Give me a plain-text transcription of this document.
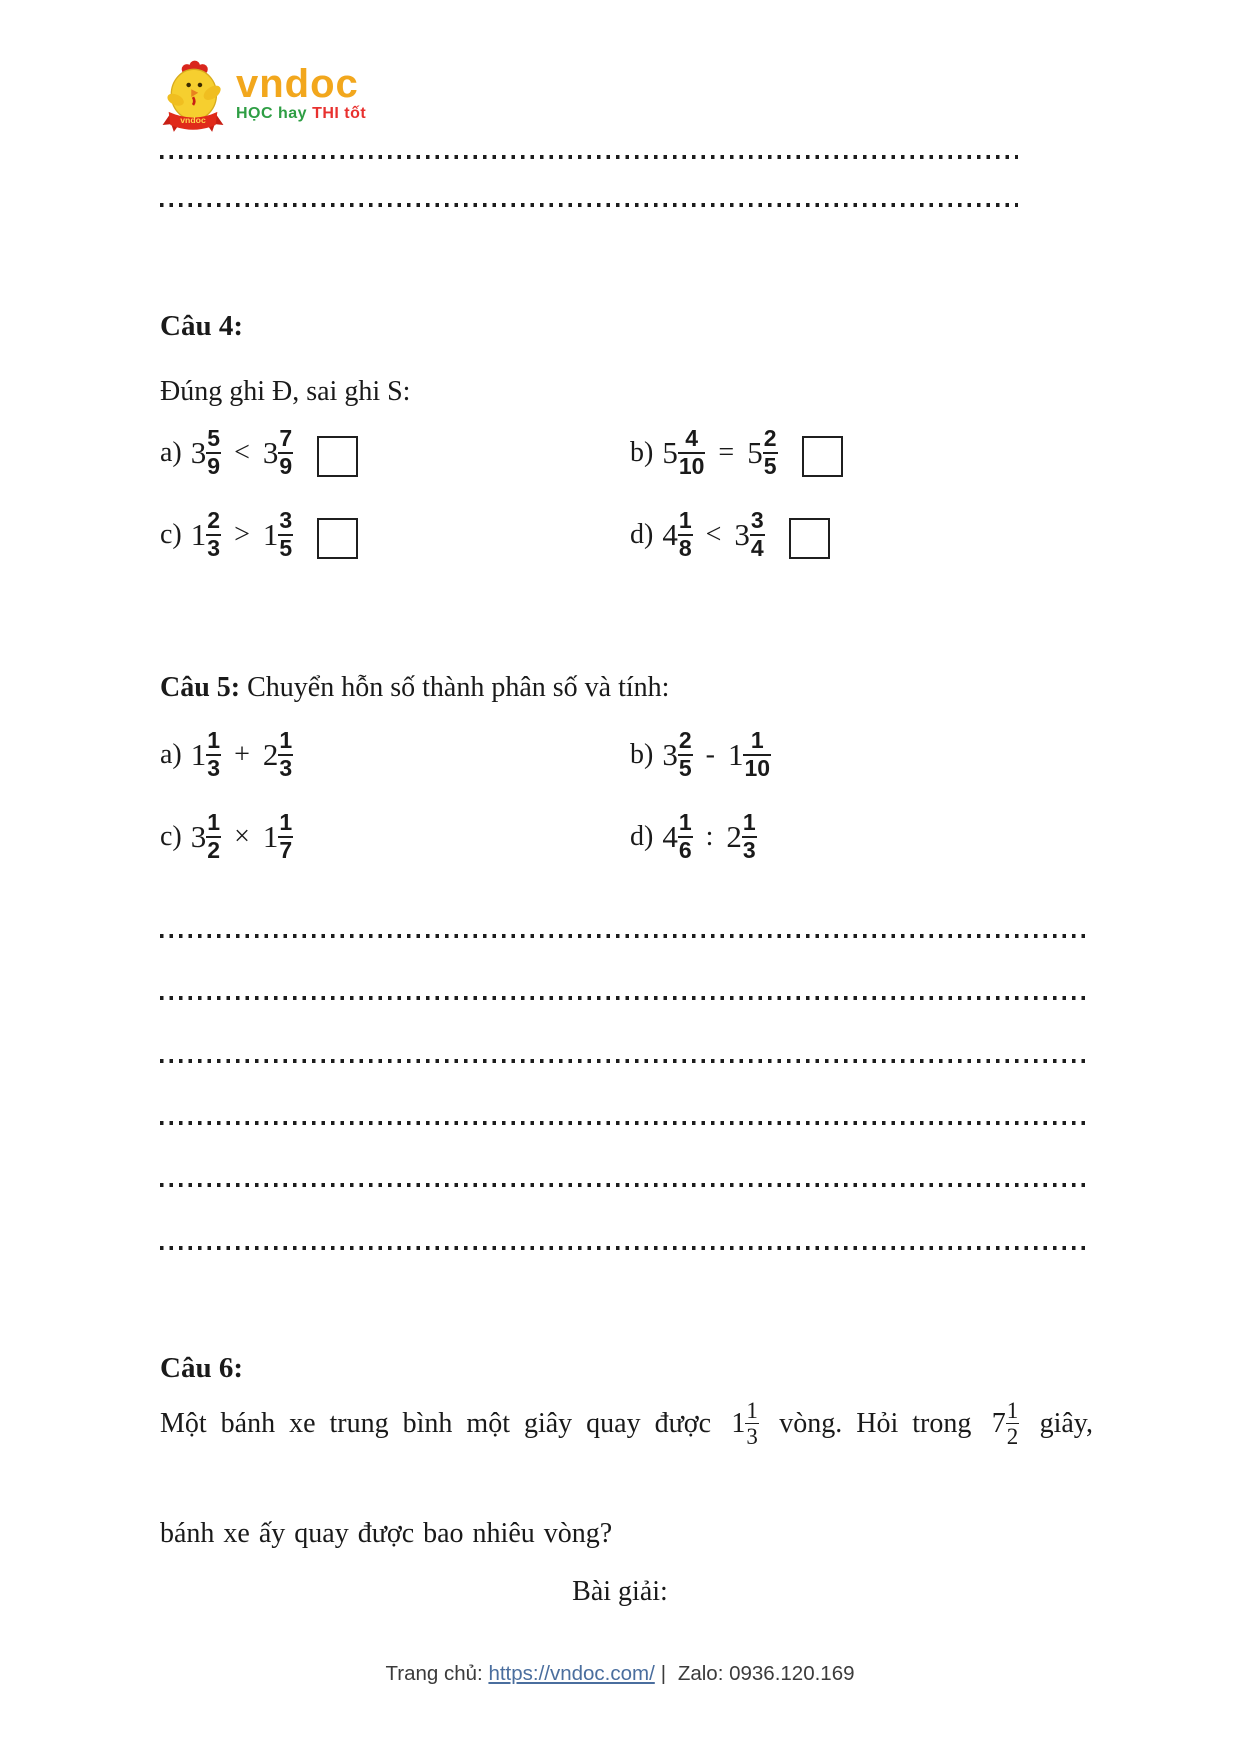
vndoc
vndoc
HỌC hay THI tốt
Câu 4:
Đúng ghi Đ, sai ghi S:
a) $3 \frac{5}{9} < 3 \frac{7}{9}$	b) $5 \frac{4}{10} = 5 \frac{2}{5}$
c) $1 \frac{2}{3} > 1 \frac{3}{5}$	d) $4 \frac{1}{8} < 3 \frac{3}{4}$
Câu 5: Chuyển hỗn số thành phân số và tính:
a) $1 \frac{1}{3} + 2 \frac{1}{3}$	b) $3 \frac{2}{5} - 1 \frac{1}{10}$
c) $3 \frac{1}{2} \times 1 \frac{1}{7}$	d) $4 \frac{1}{6}$ : $2 \frac{1}{3}$
Câu 6:
Một bánh xe trung bình một giây quay được $1 \frac{1}{3}$ vòng. Hỏi trong $7 \frac{1}{2}$ giây,
bánh xe ấy quay được bao nhiêu vòng?
Bài giải:
Trang chủ: https://vndoc.com/ | Zalo: 0936.120.169
